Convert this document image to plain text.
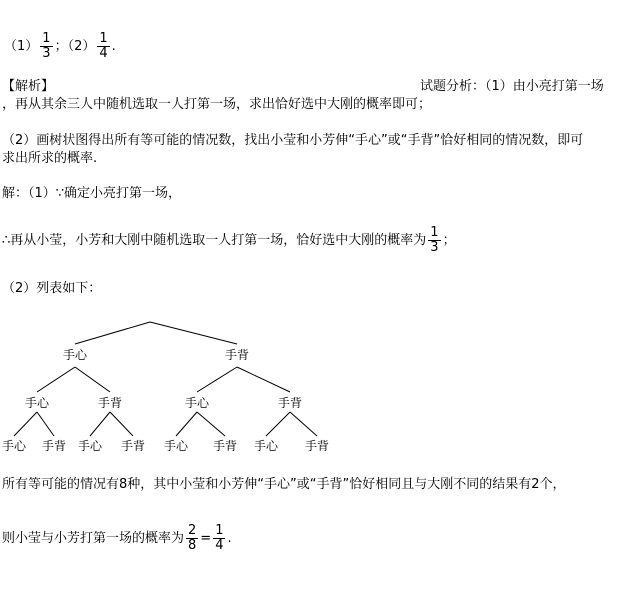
$(1) \frac{1}{3}$ ；$(2) \frac{1}{4}$ .
【解析】	试题分析：（1）由小亮打第一场
，再从其余三人中随机选取一人打第一场，求出恰好选中大刚的概率即可；
（2）画树状图得出所有等可能的情况数，找出小莹和小芳伸“手心”或“手背”恰好相同的情况数，即可
求出所求的概率.
解：（1）∵确定小亮打第一场，
∴再从小莹，小芳和大刚中随机选取一人打第一场，恰好选中大刚的概率为 $\frac{1}{3}$ ；
（2）列表如下：
手心	手背
手心	手背	手心	手背
手心 手背 手心 手背 手心 手背 手心 手背
所有等可能的情况有8种，其中小莹和小芳伸“手心”或“手背”恰好相同且与大刚不同的结果有2个，
则小莹与小芳打第一场的概率为 $\frac{2}{8} = \frac{1}{4}$ .
